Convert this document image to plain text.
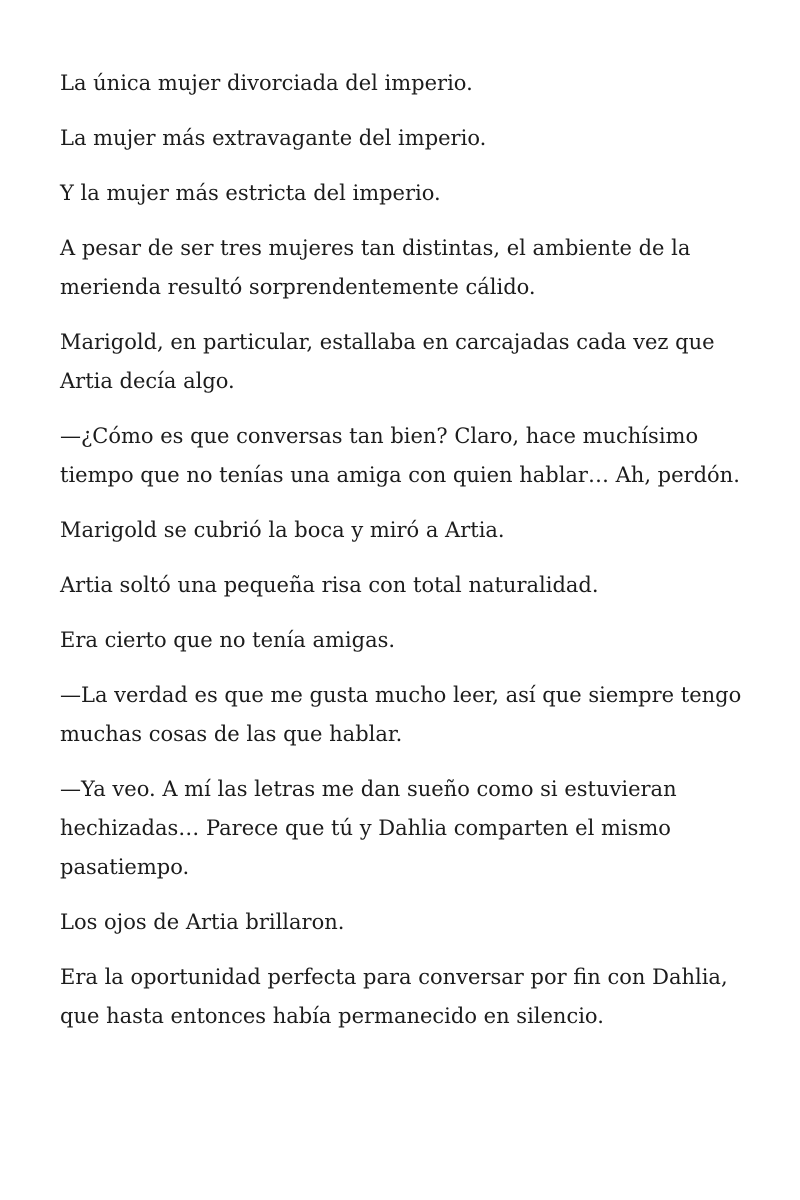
La única mujer divorciada del imperio.

La mujer más extravagante del imperio.

Y la mujer más estricta del imperio.

A pesar de ser tres mujeres tan distintas, el ambiente de la merienda resultó sorprendentemente cálido.

Marigold, en particular, estallaba en carcajadas cada vez que Artia decía algo.

—¿Cómo es que conversas tan bien? Claro, hace muchísimo tiempo que no tenías una amiga con quien hablar… Ah, perdón.

Marigold se cubrió la boca y miró a Artia.

Artia soltó una pequeña risa con total naturalidad.

Era cierto que no tenía amigas.

—La verdad es que me gusta mucho leer, así que siempre tengo muchas cosas de las que hablar.

—Ya veo. A mí las letras me dan sueño como si estuvieran hechizadas… Parece que tú y Dahlia comparten el mismo pasatiempo.

Los ojos de Artia brillaron.

Era la oportunidad perfecta para conversar por fin con Dahlia, que hasta entonces había permanecido en silencio.
